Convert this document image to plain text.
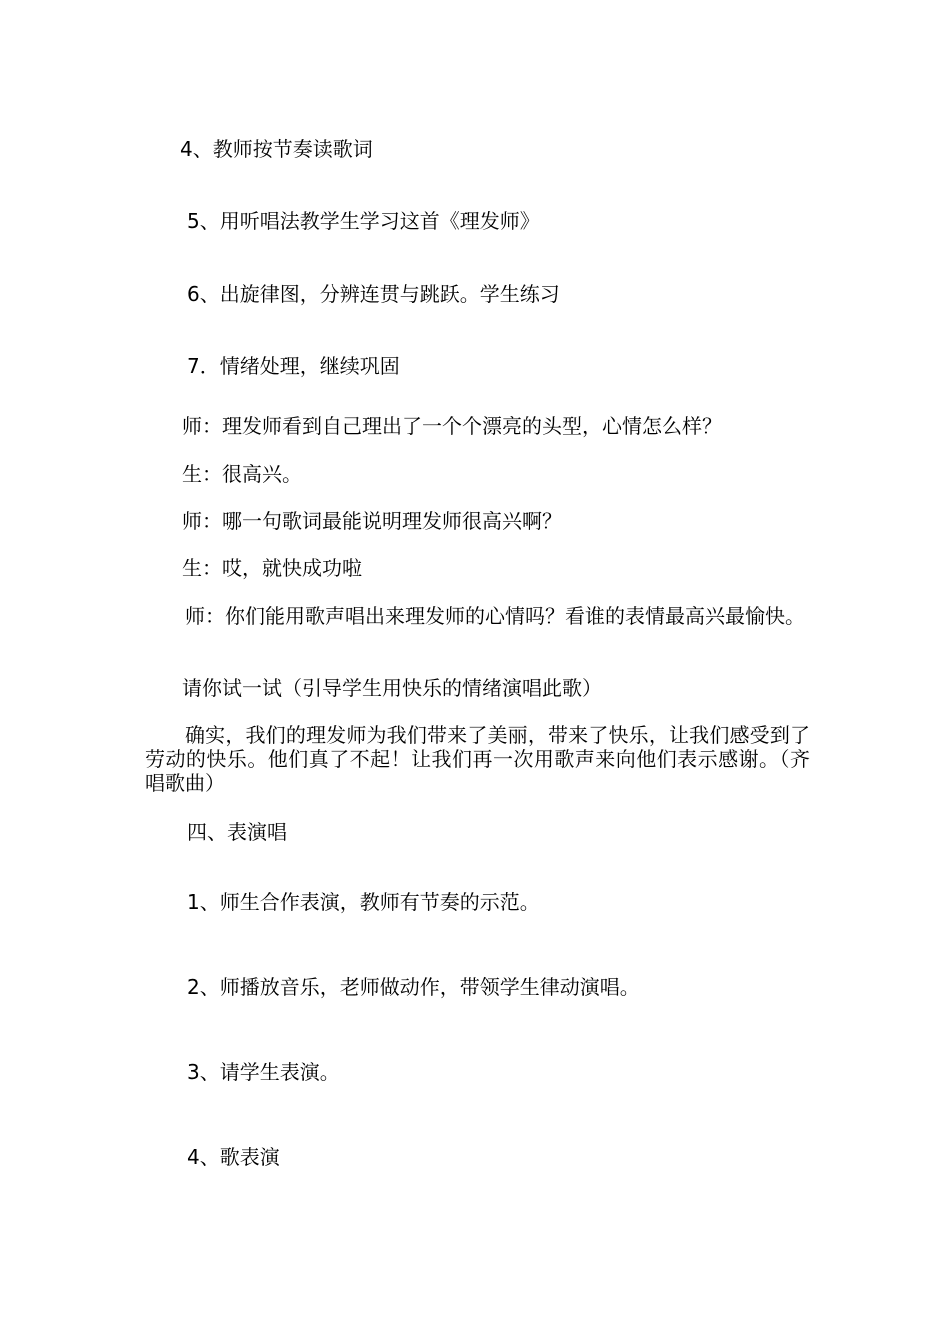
4、教师按节奏读歌词
5、用听唱法教学生学习这首《理发师》
6、出旋律图，分辨连贯与跳跃。学生练习
7．情绪处理，继续巩固
师：理发师看到自己理出了一个个漂亮的头型，心情怎么样？
生：很高兴。
师：哪一句歌词最能说明理发师很高兴啊？
生：哎，就快成功啦
师：你们能用歌声唱出来理发师的心情吗？看谁的表情最高兴最愉快。
请你试一试（引导学生用快乐的情绪演唱此歌）
确实，我们的理发师为我们带来了美丽，带来了快乐，让我们感受到了劳动的快乐。他们真了不起！让我们再一次用歌声来向他们表示感谢。（齐唱歌曲）
四、表演唱
1、师生合作表演，教师有节奏的示范。
2、师播放音乐，老师做动作，带领学生律动演唱。
3、请学生表演。
4、歌表演
